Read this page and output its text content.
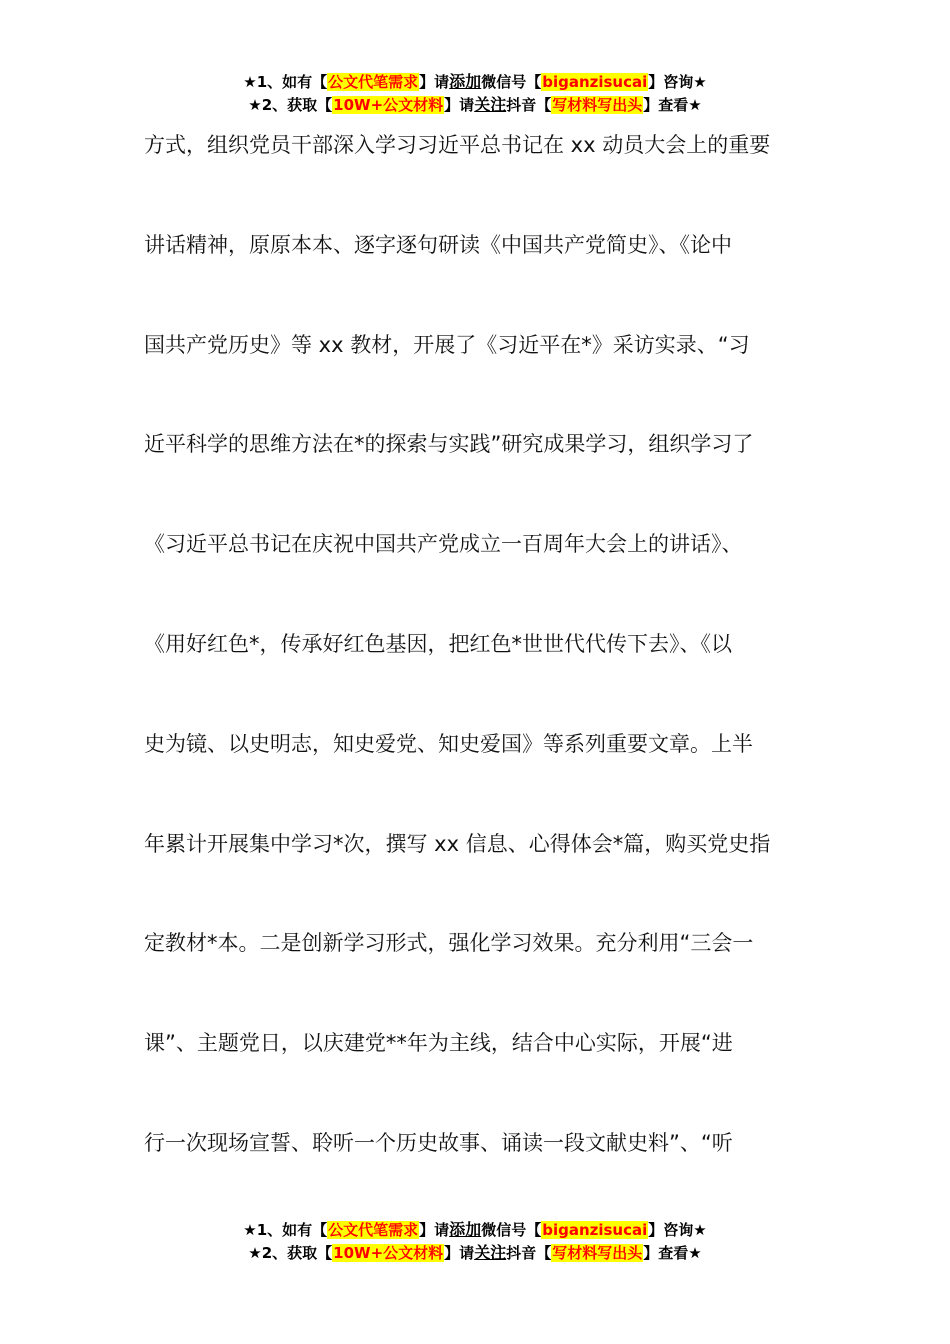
★1、如有【公文代笔需求】请添加微信号【biganzisucai】咨询★
★2、获取【10W+公文材料】请关注抖音【写材料写出头】查看★
方式，组织党员干部深入学习习近平总书记在 xx 动员大会上的重要
讲话精神，原原本本、逐字逐句研读《中国共产党简史》、《论中
国共产党历史》等 xx 教材，开展了《习近平在*》采访实录、“习
近平科学的思维方法在*的探索与实践”研究成果学习，组织学习了
《习近平总书记在庆祝中国共产党成立一百周年大会上的讲话》、
《用好红色*，传承好红色基因，把红色*世世代代传下去》、《以
史为镜、以史明志，知史爱党、知史爱国》等系列重要文章。上半
年累计开展集中学习*次，撰写 xx 信息、心得体会*篇，购买党史指
定教材*本。二是创新学习形式，强化学习效果。充分利用“三会一
课”、主题党日，以庆建党**年为主线，结合中心实际，开展“进
行一次现场宣誓、聆听一个历史故事、诵读一段文献史料”、“听
★1、如有【公文代笔需求】请添加微信号【biganzisucai】咨询★
★2、获取【10W+公文材料】请关注抖音【写材料写出头】查看★
